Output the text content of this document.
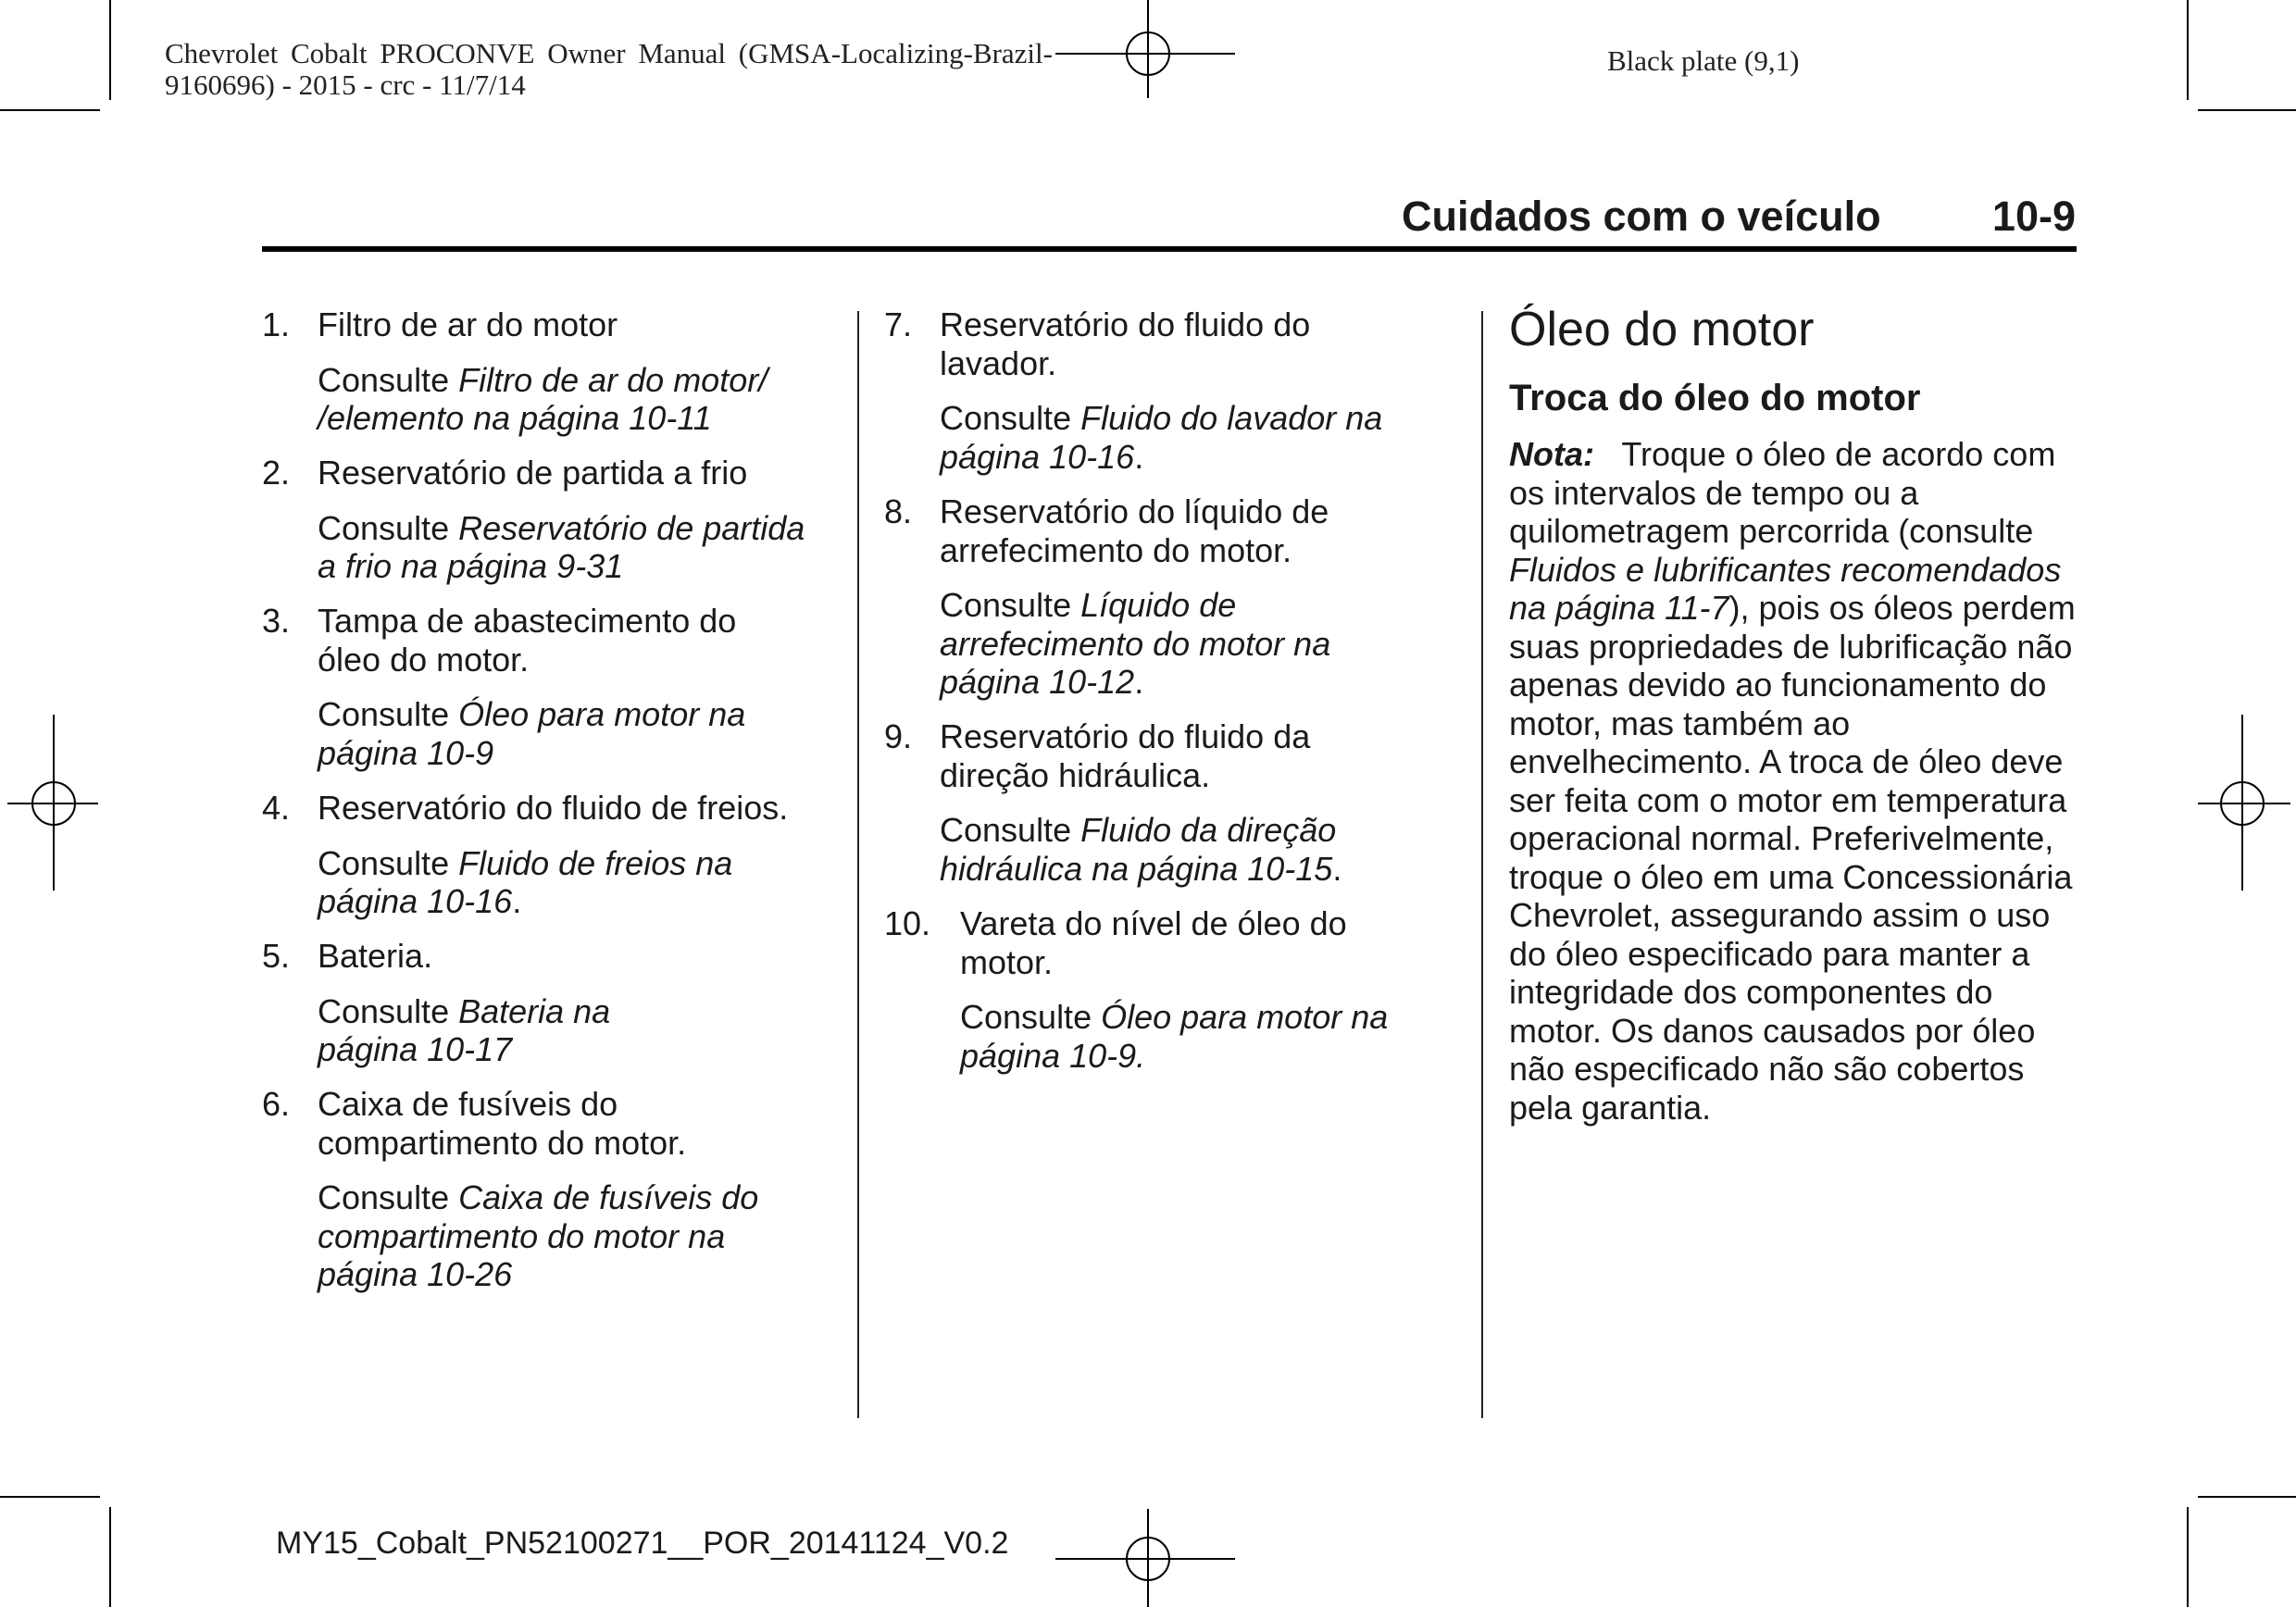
Chevrolet Cobalt PROCONVE Owner Manual (GMSA-Localizing-Brazil-
9160696) - 2015 - crc - 11/7/14
Black plate (9,1)
Cuidados com o veículo	10-9
1. Filtro de ar do motor
Consulte Filtro de ar do motor/
/elemento na página 10-11
2. Reservatório de partida a frio
Consulte Reservatório de partida
a frio na página 9-31
3. Tampa de abastecimento do
óleo do motor.
Consulte Óleo para motor na
página 10-9
4. Reservatório do fluido de freios.
Consulte Fluido de freios na
página 10-16.
5. Bateria.
Consulte Bateria na
página 10-17
6. Caixa de fusíveis do
compartimento do motor.
Consulte Caixa de fusíveis do
compartimento do motor na
página 10-26
7. Reservatório do fluido do
lavador.
Consulte Fluido do lavador na
página 10-16.
8. Reservatório do líquido de
arrefecimento do motor.
Consulte Líquido de
arrefecimento do motor na
página 10-12.
9. Reservatório do fluido da
direção hidráulica.
Consulte Fluido da direção
hidráulica na página 10-15.
10. Vareta do nível de óleo do
motor.
Consulte Óleo para motor na
página 10-9.
Óleo do motor
Troca do óleo do motor
Nota: Troque o óleo de acordo com os intervalos de tempo ou a quilometragem percorrida (consulte Fluidos e lubrificantes recomendados na página 11-7), pois os óleos perdem suas propriedades de lubrificação não apenas devido ao funcionamento do motor, mas também ao envelhecimento. A troca de óleo deve ser feita com o motor em temperatura operacional normal. Preferivelmente, troque o óleo em uma Concessionária Chevrolet, assegurando assim o uso do óleo especificado para manter a integridade dos componentes do motor. Os danos causados por óleo não especificado não são cobertos pela garantia.
MY15_Cobalt_PN52100271__POR_20141124_V0.2
